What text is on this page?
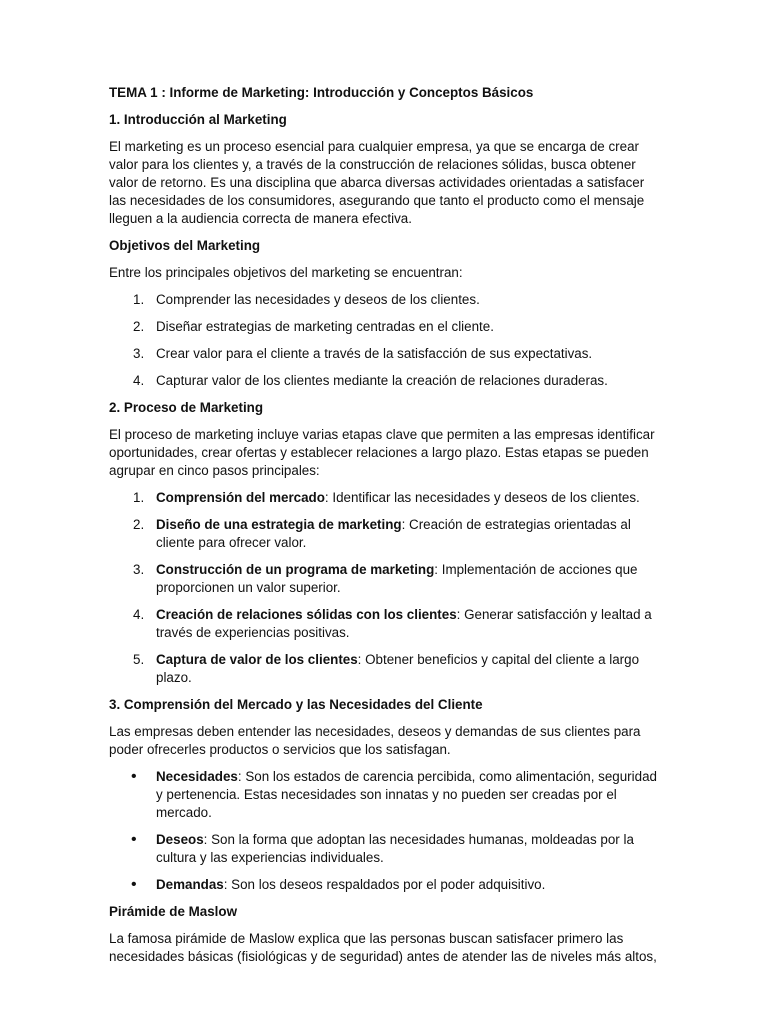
TEMA 1 : Informe de Marketing: Introducción y Conceptos Básicos
1. Introducción al Marketing

El marketing es un proceso esencial para cualquier empresa, ya que se encarga de crear valor para los clientes y, a través de la construcción de relaciones sólidas, busca obtener valor de retorno. Es una disciplina que abarca diversas actividades orientadas a satisfacer las necesidades de los consumidores, asegurando que tanto el producto como el mensaje lleguen a la audiencia correcta de manera efectiva.

Objetivos del Marketing

Entre los principales objetivos del marketing se encuentran:

1. Comprender las necesidades y deseos de los clientes.
2. Diseñar estrategias de marketing centradas en el cliente.
3. Crear valor para el cliente a través de la satisfacción de sus expectativas.
4. Capturar valor de los clientes mediante la creación de relaciones duraderas.
2. Proceso de Marketing

El proceso de marketing incluye varias etapas clave que permiten a las empresas identificar oportunidades, crear ofertas y establecer relaciones a largo plazo. Estas etapas se pueden agrupar en cinco pasos principales:

1. Comprensión del mercado: Identificar las necesidades y deseos de los clientes.
2. Diseño de una estrategia de marketing: Creación de estrategias orientadas al cliente para ofrecer valor.
3. Construcción de un programa de marketing: Implementación de acciones que proporcionen un valor superior.
4. Creación de relaciones sólidas con los clientes: Generar satisfacción y lealtad a través de experiencias positivas.
5. Captura de valor de los clientes: Obtener beneficios y capital del cliente a largo plazo.
3. Comprensión del Mercado y las Necesidades del Cliente

Las empresas deben entender las necesidades, deseos y demandas de sus clientes para poder ofrecerles productos o servicios que los satisfagan.

• Necesidades: Son los estados de carencia percibida, como alimentación, seguridad y pertenencia. Estas necesidades son innatas y no pueden ser creadas por el mercado.
• Deseos: Son la forma que adoptan las necesidades humanas, moldeadas por la cultura y las experiencias individuales.
• Demandas: Son los deseos respaldados por el poder adquisitivo.
Pirámide de Maslow

La famosa pirámide de Maslow explica que las personas buscan satisfacer primero las necesidades básicas (fisiológicas y de seguridad) antes de atender las de niveles más altos,
